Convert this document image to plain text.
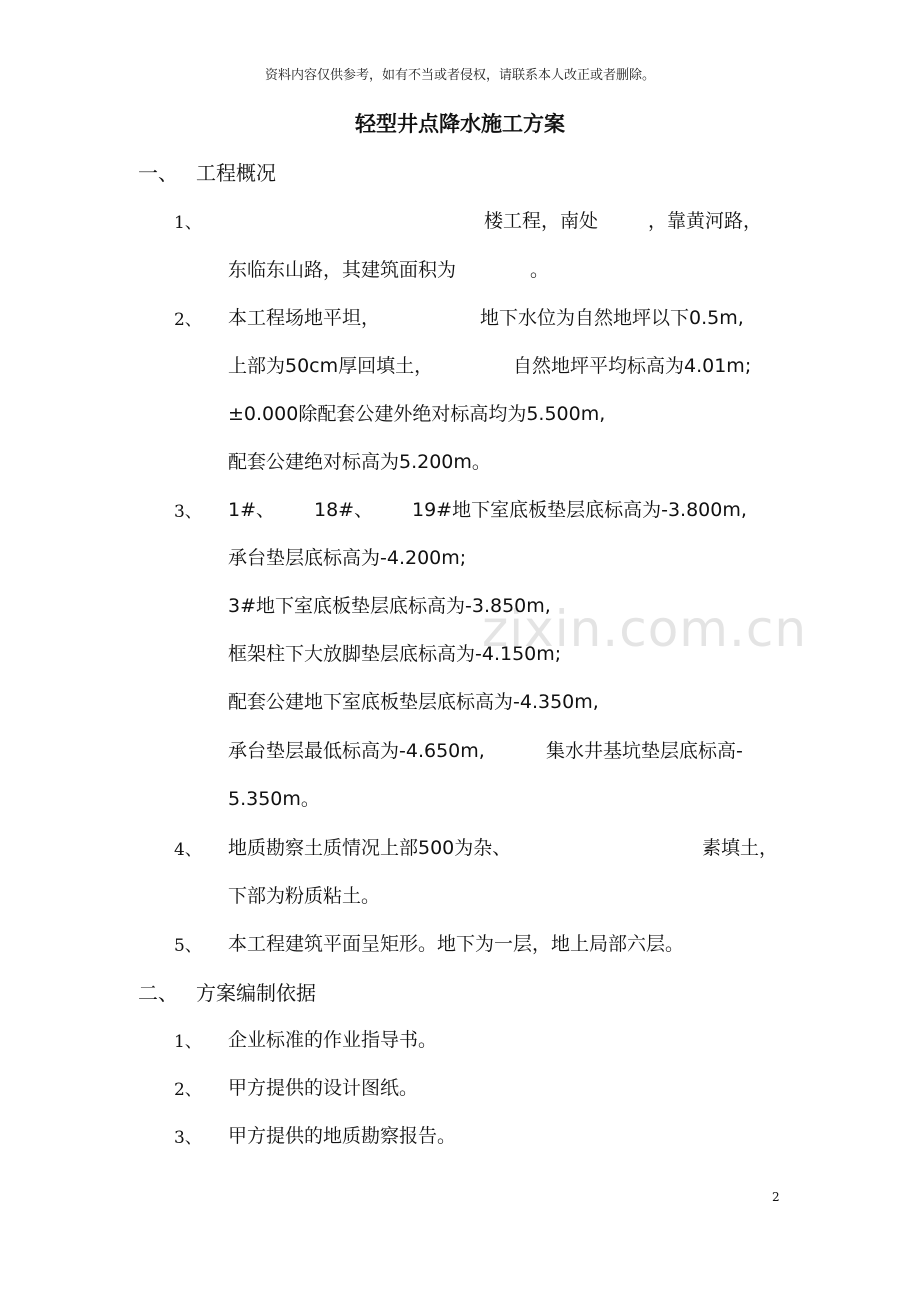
zixin.com.cn
资料内容仅供参考，如有不当或者侵权，请联系本人改正或者删除。
轻型井点降水施工方案
一、 工程概况
1、	楼工程，南处	，靠黄河路，
东临东山路，其建筑面积为	。
2、 本工程场地平坦，	地下水位为自然地坪以下0.5m,
上部为50cm厚回填土，	自然地坪平均标高为4.01m;
±0.000除配套公建外绝对标高均为5.500m,
配套公建绝对标高为5.200m。
3、 1#、 18#、 19#地下室底板垫层底标高为-3.800m,
承台垫层底标高为-4.200m;
3#地下室底板垫层底标高为-3.850m,
框架柱下大放脚垫层底标高为-4.150m;
配套公建地下室底板垫层底标高为-4.350m,
承台垫层最低标高为-4.650m,	集水井基坑垫层底标高-
5.350m。
4、 地质勘察土质情况上部500为杂、	素填土，
下部为粉质粘土。
5、 本工程建筑平面呈矩形。地下为一层，地上局部六层。
二、 方案编制依据
1、 企业标准的作业指导书。
2、 甲方提供的设计图纸。
3、 甲方提供的地质勘察报告。
2
